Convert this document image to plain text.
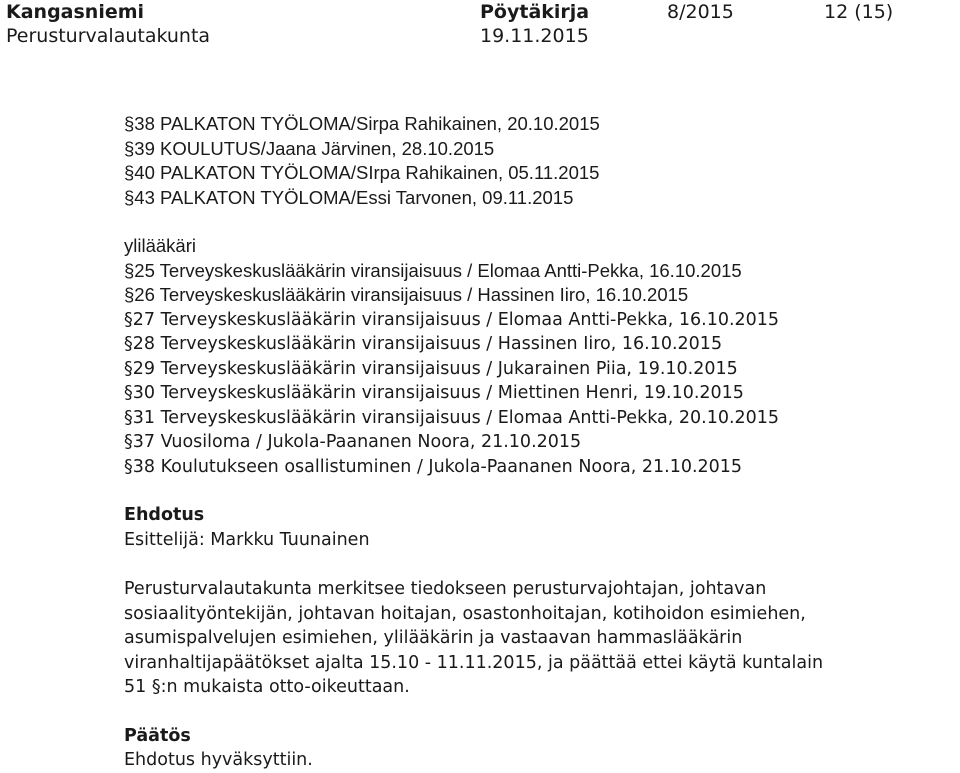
Kangasniemi
Perusturvalautakunta
Pöytäkirja
19.11.2015
8/2015	12 (15)
§38 PALKATON TYÖLOMA/Sirpa Rahikainen, 20.10.2015
§39 KOULUTUS/Jaana Järvinen, 28.10.2015
§40 PALKATON TYÖLOMA/SIrpa Rahikainen, 05.11.2015
§43 PALKATON TYÖLOMA/Essi Tarvonen, 09.11.2015
ylilääkäri
§25 Terveyskeskuslääkärin viransijaisuus / Elomaa Antti-Pekka, 16.10.2015
§26 Terveyskeskuslääkärin viransijaisuus / Hassinen Iiro, 16.10.2015
§27 Terveyskeskuslääkärin viransijaisuus / Elomaa Antti-Pekka, 16.10.2015
§28 Terveyskeskuslääkärin viransijaisuus / Hassinen Iiro, 16.10.2015
§29 Terveyskeskuslääkärin viransijaisuus / Jukarainen Piia, 19.10.2015
§30 Terveyskeskuslääkärin viransijaisuus / Miettinen Henri, 19.10.2015
§31 Terveyskeskuslääkärin viransijaisuus / Elomaa Antti-Pekka, 20.10.2015
§37 Vuosiloma / Jukola-Paananen Noora, 21.10.2015
§38 Koulutukseen osallistuminen / Jukola-Paananen Noora, 21.10.2015
Ehdotus
Esittelijä: Markku Tuunainen
Perusturvalautakunta merkitsee tiedokseen perusturvajohtajan, johtavan
sosiaalityöntekijän, johtavan hoitajan, osastonhoitajan, kotihoidon esimiehen,
asumispalvelujen esimiehen, ylilääkärin ja vastaavan hammaslääkärin
viranhaltijapäätökset ajalta 15.10 - 11.11.2015, ja päättää ettei käytä kuntalain
51 §:n mukaista otto-oikeuttaan.
Päätös
Ehdotus hyväksyttiin.
